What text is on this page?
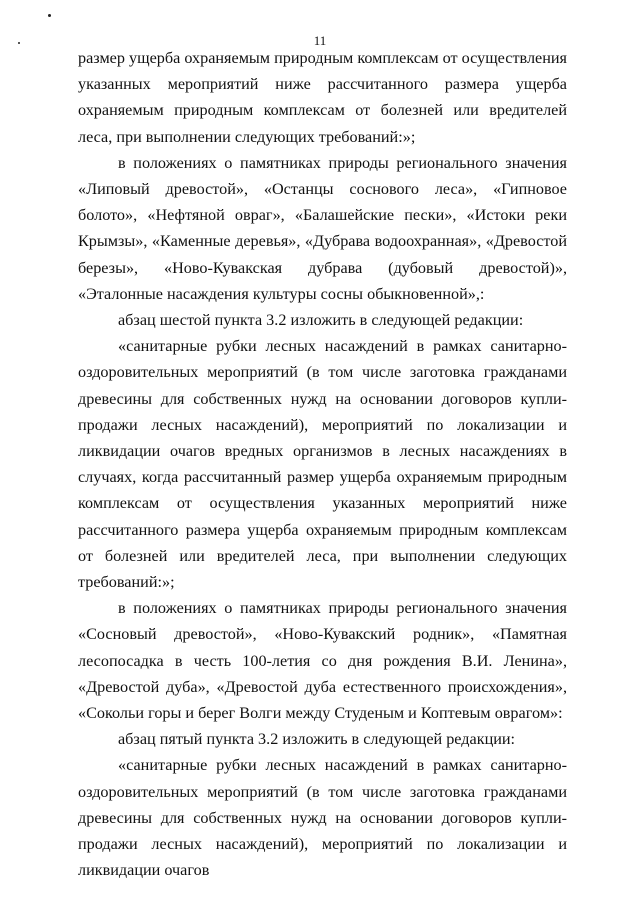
11

размер ущерба охраняемым природным комплексам от осуществления указанных мероприятий ниже рассчитанного размера ущерба охраняемым природным комплексам от болезней или вредителей леса, при выполнении следующих требований:»;

в положениях о памятниках природы регионального значения «Липовый древостой», «Останцы соснового леса», «Гипновое болото», «Нефтяной овраг», «Балашейские пески», «Истоки реки Крымзы», «Каменные деревья», «Дубрава водоохранная», «Древостой березы», «Ново-Кувакская дубрава (дубовый древостой)», «Эталонные насаждения культуры сосны обыкновенной»,:

абзац шестой пункта 3.2 изложить в следующей редакции:

«санитарные рубки лесных насаждений в рамках санитарно-оздоровительных мероприятий (в том числе заготовка гражданами древесины для собственных нужд на основании договоров купли-продажи лесных насаждений), мероприятий по локализации и ликвидации очагов вредных организмов в лесных насаждениях в случаях, когда рассчитанный размер ущерба охраняемым природным комплексам от осуществления указанных мероприятий ниже рассчитанного размера ущерба охраняемым природным комплексам от болезней или вредителей леса, при выполнении следующих требований:»;

в положениях о памятниках природы регионального значения «Сосновый древостой», «Ново-Кувакский родник», «Памятная лесопосадка в честь 100-летия со дня рождения В.И. Ленина», «Древостой дуба», «Древостой дуба естественного происхождения», «Сокольи горы и берег Волги между Студеным и Коптевым оврагом»:

абзац пятый пункта 3.2 изложить в следующей редакции:

«санитарные рубки лесных насаждений в рамках санитарно-оздоровительных мероприятий (в том числе заготовка гражданами древесины для собственных нужд на основании договоров купли-продажи лесных насаждений), мероприятий по локализации и ликвидации очагов
